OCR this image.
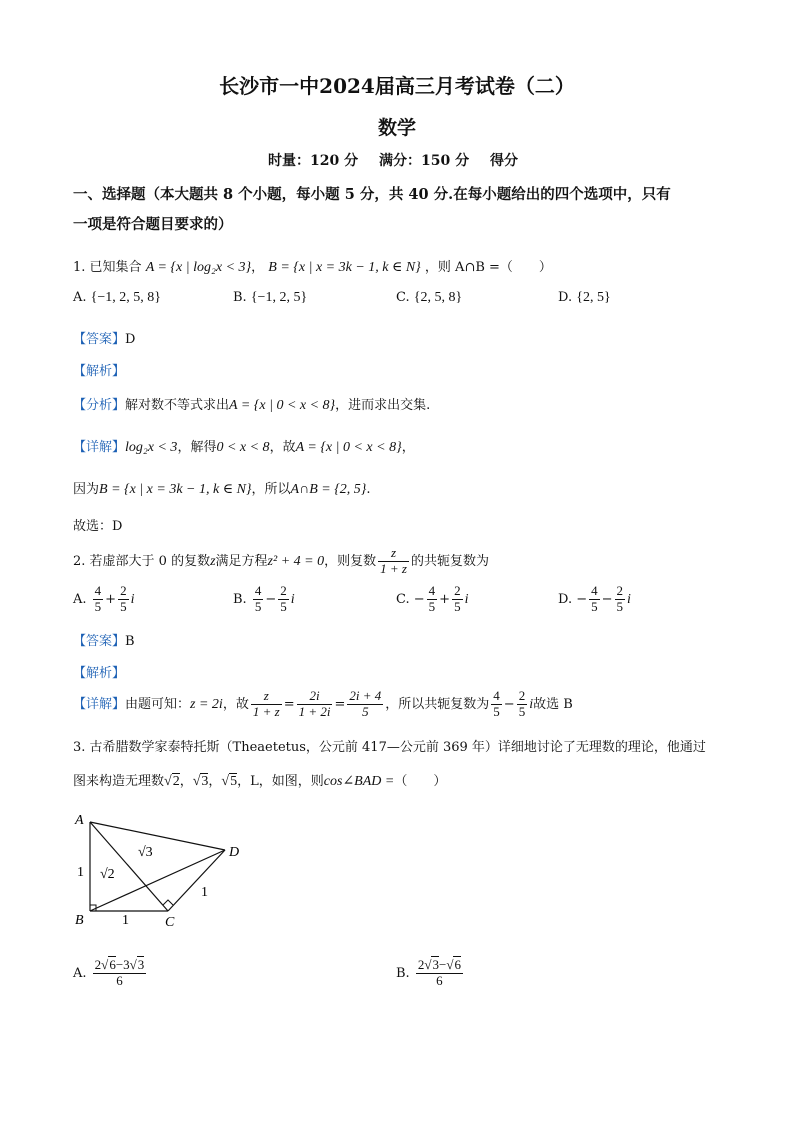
长沙市一中2024届高三月考试卷（二）
数学
时量：120 分 满分：150 分 得分
一、选择题（本大题共 8 个小题，每小题 5 分，共 40 分.在每小题给出的四个选项中，只有
一项是符合题目要求的）
1. 已知集合 A = {x | log₂x < 3}， B = {x | x = 3k − 1, k ∈ N} ，则 A∩B =（　　）
A. {−1, 2, 5, 8}	B. {−1, 2, 5}	C. {2, 5, 8}	D. {2, 5}
【答案】D
【解析】
【分析】解对数不等式求出A = {x | 0 < x < 8}，进而求出交集.
【详解】log₂x < 3，解得0 < x < 8，故A = {x | 0 < x < 8}，
因为B = {x | x = 3k − 1, k ∈ N}，所以A∩B = {2, 5}.
故选：D
2. 若虚部大于 0 的复数z满足方程z² + 4 = 0，则复数 $\frac{z}{1 + z}$ 的共轭复数为
A. $\frac{4}{5} + \frac{2}{5}$ i	B. $\frac{4}{5} - \frac{2}{5}$ i	C. − $\frac{4}{5} + \frac{2}{5}$ i	D. − $\frac{4}{5} - \frac{2}{5}$ i
【答案】B
【解析】
【详解】由题可知：z = 2i，故 $\frac{z}{1 + z} = \frac{2i}{1 + 2i} = \frac{2i + 4}{5}$ ，所以共轭复数为 $\frac{4}{5} - \frac{2}{5}$ i故选 B
3. 古希腊数学家泰特托斯（Theaetetus，公元前 417—公元前 369 年）详细地讨论了无理数的理论，他通过
图来构造无理数√2，√3，√5，L，如图，则cos∠BAD =（　　）
A
B	C
D
1
1
1
√2
√3
A. $\frac{2√6-3√3}{6}$	B. $\frac{2√3-√6}{6}$
